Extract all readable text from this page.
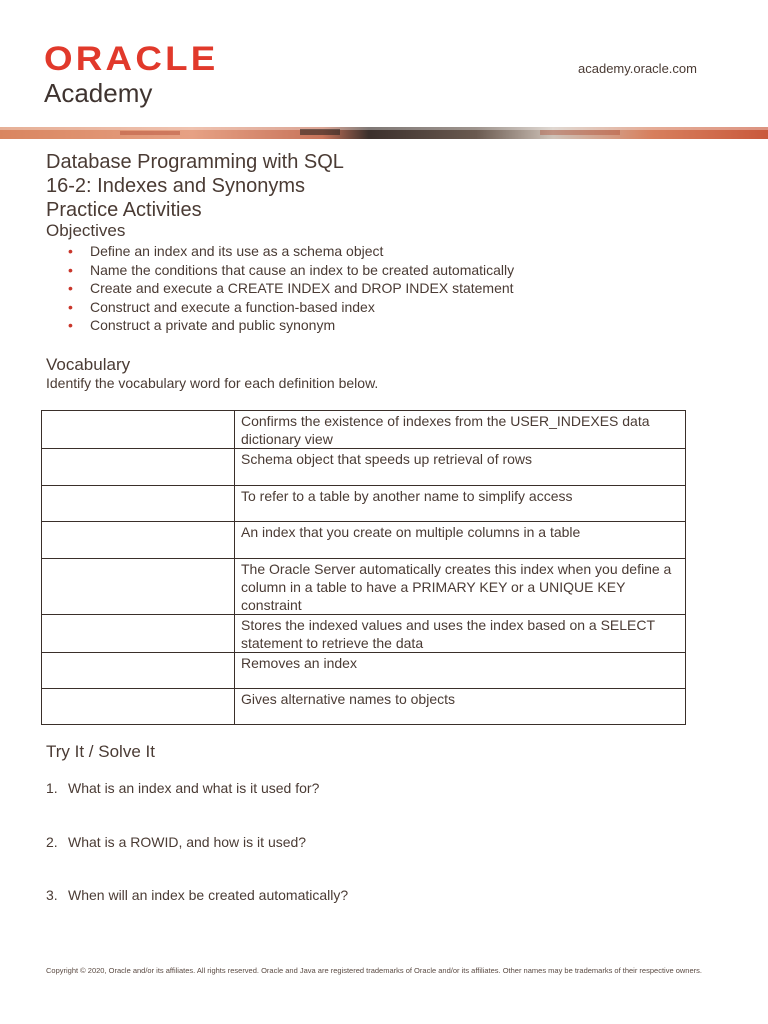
ORACLE
Academy
academy.oracle.com
Database Programming with SQL
16-2: Indexes and Synonyms
Practice Activities
Objectives
• Define an index and its use as a schema object
• Name the conditions that cause an index to be created automatically
• Create and execute a CREATE INDEX and DROP INDEX statement
• Construct and execute a function-based index
• Construct a private and public synonym
Vocabulary
Identify the vocabulary word for each definition below.
	Confirms the existence of indexes from the USER_INDEXES data dictionary view
	Schema object that speeds up retrieval of rows
	To refer to a table by another name to simplify access
	An index that you create on multiple columns in a table
	The Oracle Server automatically creates this index when you define a column in a table to have a PRIMARY KEY or a UNIQUE KEY constraint
	Stores the indexed values and uses the index based on a SELECT statement to retrieve the data
	Removes an index
	Gives alternative names to objects
Try It / Solve It
1. What is an index and what is it used for?
2. What is a ROWID, and how is it used?
3. When will an index be created automatically?
Copyright © 2020, Oracle and/or its affiliates. All rights reserved. Oracle and Java are registered trademarks of Oracle and/or its affiliates. Other names may be trademarks of their respective owners.
